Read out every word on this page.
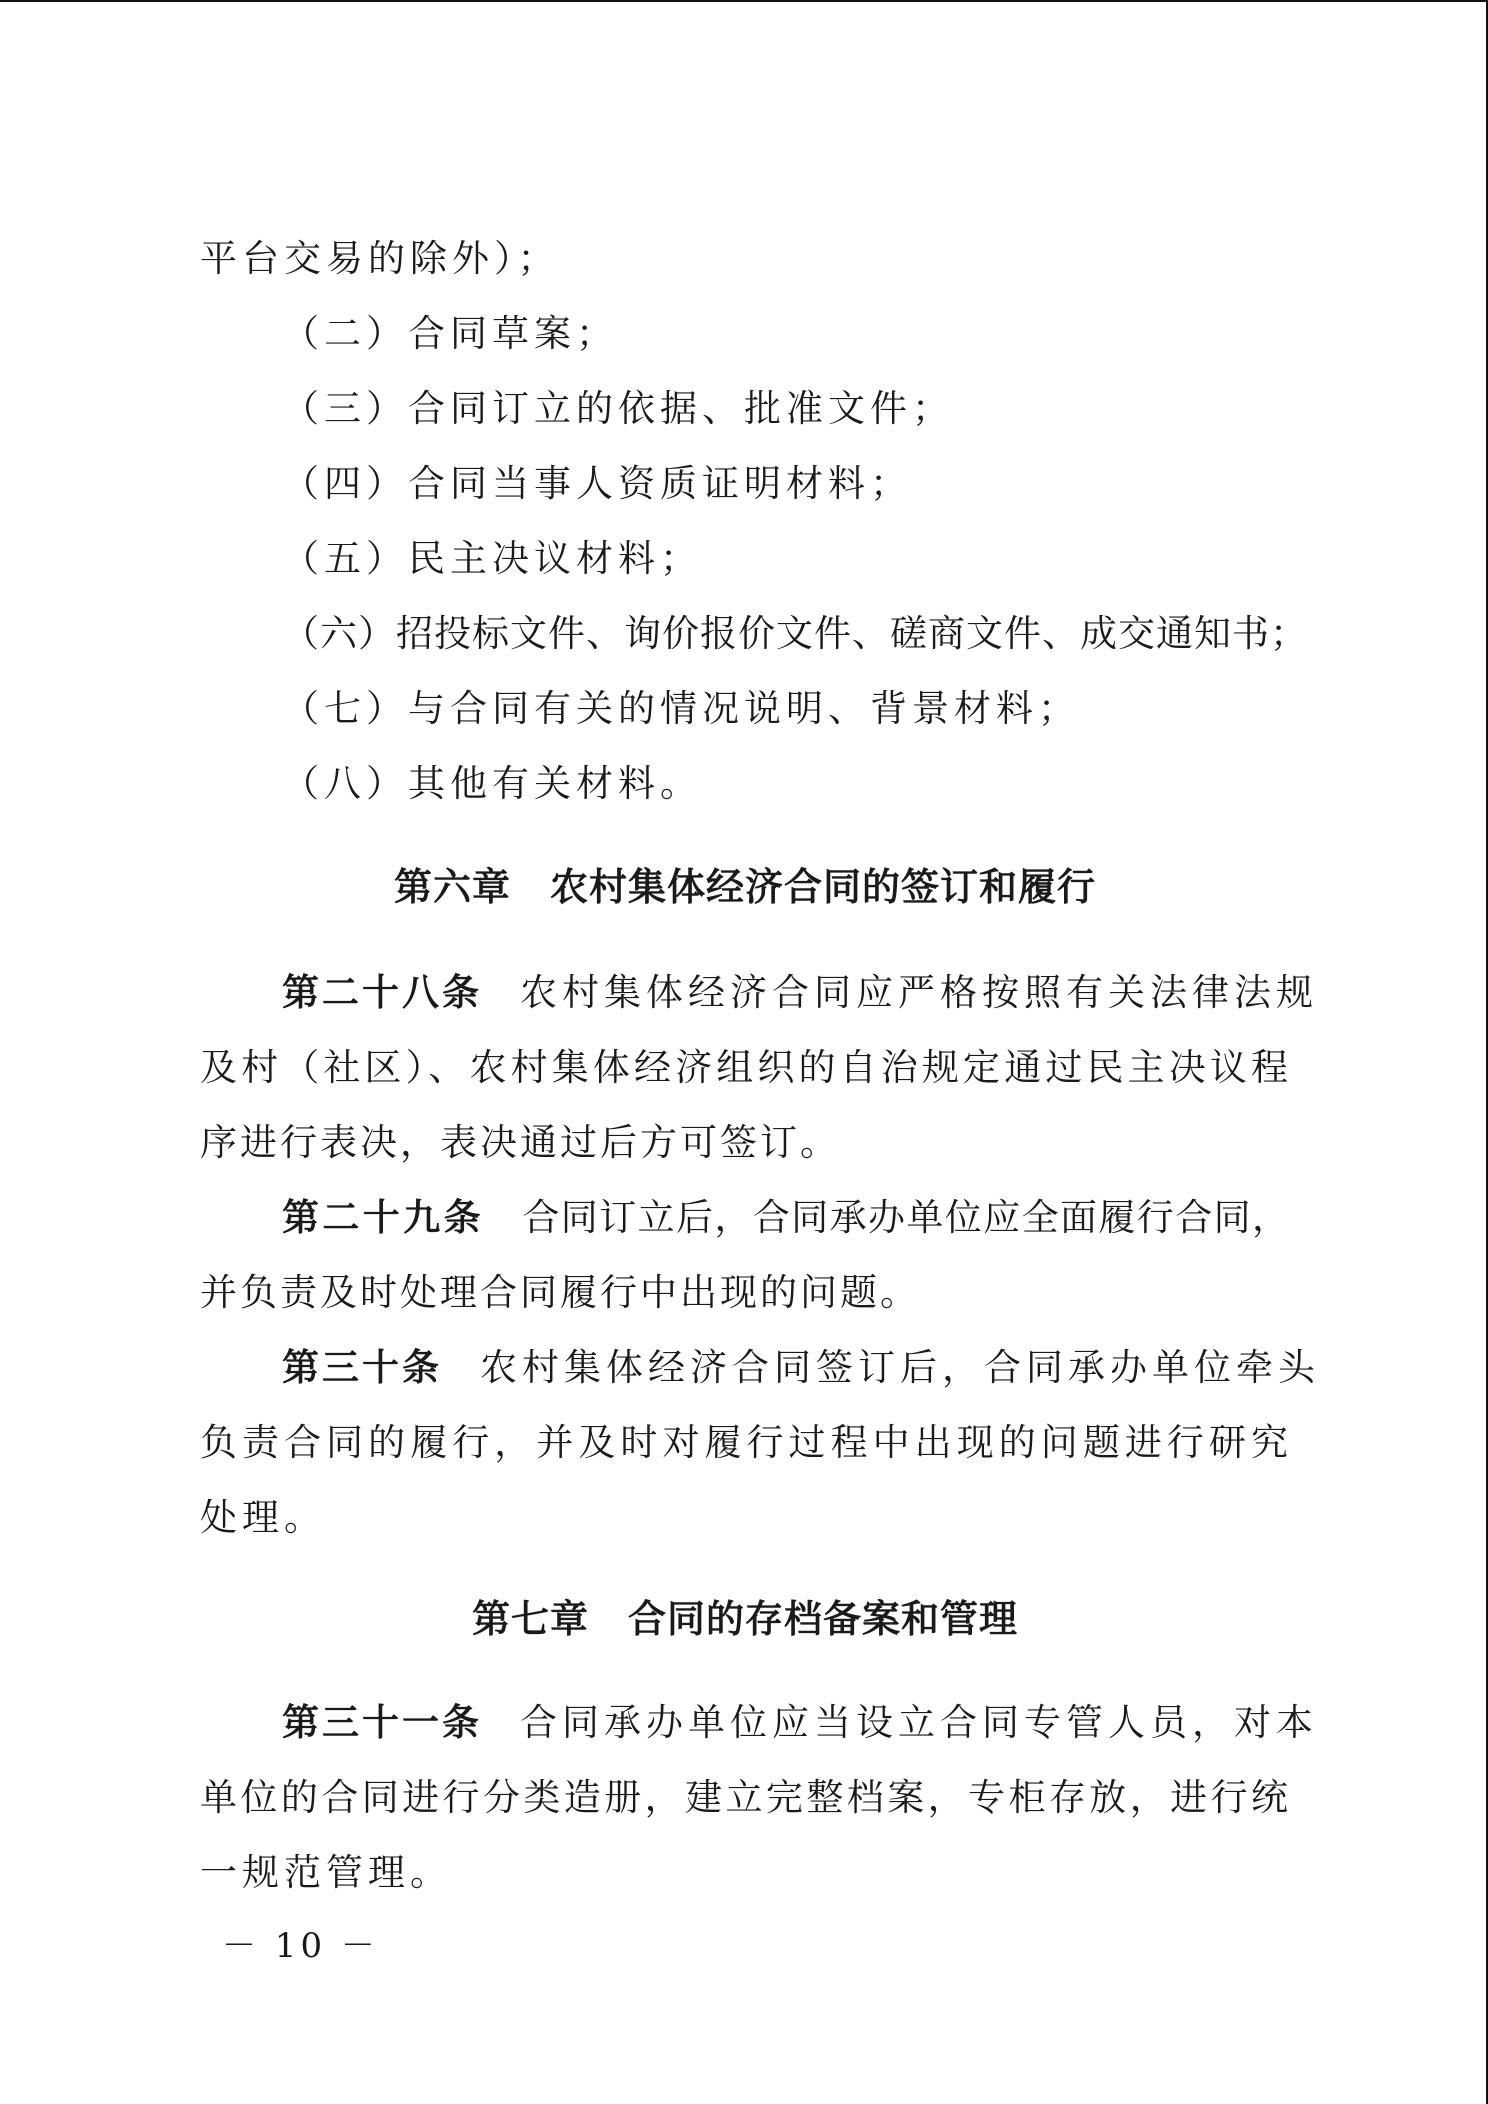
平台交易的除外）；
（二）合同草案；
（三）合同订立的依据、批准文件；
（四）合同当事人资质证明材料；
（五）民主决议材料；
（六）招投标文件、询价报价文件、磋商文件、成交通知书；
（七）与合同有关的情况说明、背景材料；
（八）其他有关材料。
第六章　农村集体经济合同的签订和履行
第二十八条 农村集体经济合同应严格按照有关法律法规
及村（社区）、农村集体经济组织的自治规定通过民主决议程
序进行表决，表决通过后方可签订。
第二十九条 合同订立后，合同承办单位应全面履行合同，
并负责及时处理合同履行中出现的问题。
第三十条 农村集体经济合同签订后，合同承办单位牵头
负责合同的履行，并及时对履行过程中出现的问题进行研究
处理。
第七章　合同的存档备案和管理
第三十一条 合同承办单位应当设立合同专管人员，对本
单位的合同进行分类造册，建立完整档案，专柜存放，进行统
一规范管理。
－ 10 －
